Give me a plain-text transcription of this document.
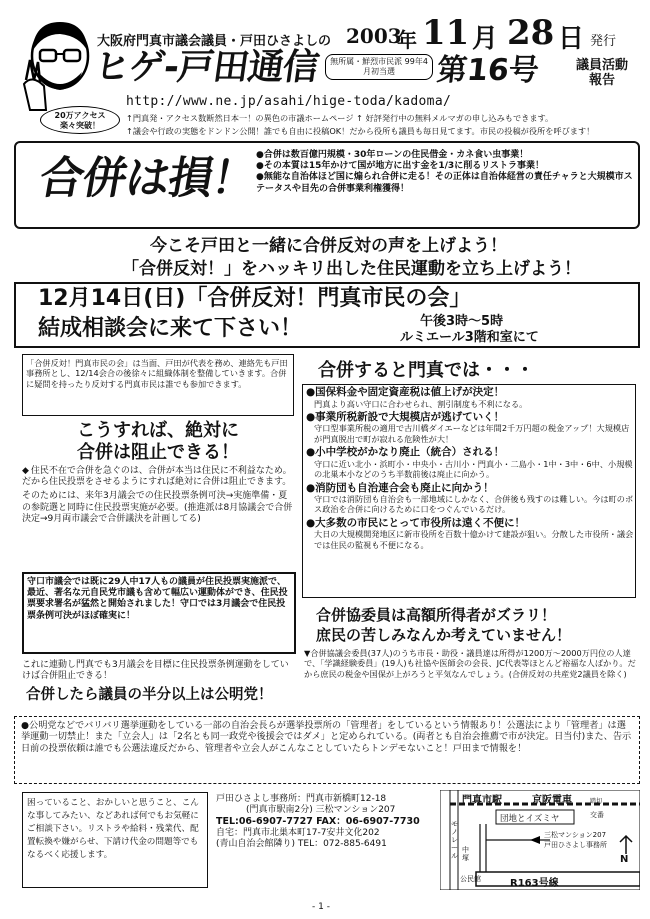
大阪府門真市議会議員・戸田ひさよしの
ヒゲ-戸田通信	無所属・鮮烈市民派 99年4月初当選
2003
年 11 月 28 日 発行
第16号	議員活動報告
http://www.ne.jp/asahi/hige-toda/kadoma/
20万アクセス楽々突破！
↑門真発・アクセス数断然日本一！の異色の市議ホームページ ↑ 好評発行中の無料メルマガの申し込みもできます。
↑議会や行政の実態をドンドン公開！誰でも自由に投稿OK！だから役所も議員も毎日見てます。市民の投稿が役所を呼びます！
合併は損！
●合併は数百億円規模・30年ローンの住民借金・カネ食い虫事業！
●その本質は15年かけて国が地方に出す金を1/3に削るリストラ事業！
●無能な自治体ほど国に煽られ合併に走る！その正体は自治体経営の責任チャラと大規模市ステータスや目先の合併事業利権獲得！
今こそ戸田と一緒に合併反対の声を上げよう！
「合併反対！」をハッキリ出した住民運動を立ち上げよう！
12月14日(日)「合併反対！門真市民の会」
結成相談会に来て下さい！	午後3時〜5時
ルミエール3階和室にて
「合併反対！門真市民の会」は当面、戸田が代表を務め、連絡先も戸田事務所とし、12/14会合の後徐々に組織体制を整備していきます。合併に疑問を持ったり反対する門真市民は誰でも参加できます。
こうすれば、絶対に
合併は阻止できる！
◆ 住民不在で合併を急ぐのは、合併が本当は住民に不利益なため。だから住民投票をさせるようにすれば絶対に合併は阻止できます。
そのためには、来年3月議会での住民投票条例可決→実施準備・夏の参院選と同時に住民投票実施が必要。(推進派は8月協議会で合併決定→9月両市議会で合併議決を計画してる)
守口市議会では既に29人中17人もの議員が住民投票実施派で、最近、著名な元自民党市議も含めて幅広い運動体ができ、住民投票要求署名が猛然と開始されました！守口では3月議会で住民投票条例可決がほぼ確実に！
これに連動し門真でも3月議会を目標に住民投票条例運動をしていけば合併阻止できる！
合併したら議員の半分以上は公明党！
合併すると門真では・・・
●国保料金や固定資産税は値上げが決定！
門真より高い守口に合わせられ、割引制度も不利になる。
●事業所税新設で大規模店が逃げていく！
守口型事業所税の適用で古川橋ダイエーなどは年間2千万円超の税金アップ！大規模店が門真脱出で町が寂れる危険性が大！
●小中学校がかなり廃止（統合）される！
守口に近い北小・浜町小・中央小・古川小・門真小・二島小・1中・3中・6中、小規模の北巣本小などのうち半数前後は廃止に向かう。
●消防団も自治連合会も廃止に向かう！
守口では消防団も自治会も一部地域にしかなく、合併後も残すのは難しい。今は町のボス政治を合併に向けるために口をつぐんでいるだけ。
●大多数の市民にとって市役所は遠く不便に！
大日の大規模開発地区に新市役所を百数十億かけて建設が狙い。分散した市役所・議会では住民の監視も不便になる。
合併協委員は高額所得者がズラリ！
庶民の苦しみなんか考えていません！
▼合併協議会委員(37人)のうち市長・助役・議員達は所得が1200万〜2000万円位の人達で、「学識経験委員」(19人)も社協や医師会の会長、JC代表等ほとんど裕福な人ばかり。だから庶民の税金や国保が上がろうと平気なんでしょう。(合併反対の共産党2議員を除く)
●公明党などでバリバリ選挙運動をしている一部の自治会長らが選挙投票所の「管理者」をしているという情報あり！公選法により「管理者」は選挙運動一切禁止！また「立会人」は「2名とも同一政党や後援会ではダメ」と定められている。(両者とも自治会推薦で市が決定。日当付)また、告示日前の投票依頼は誰でも公選法違反だから、管理者や立会人がこんなことしていたらトンデモないこと！戸田まで情報を！
困っていること、おかしいと思うこと、こんな事してみたい、などあれば何でもお気軽にご相談下さい。リストラや給料・残業代、配置転換や嫌がらせ、下請け代金の問題等でもなるべく応援します。
戸田ひさよし事務所：門真市新橋町12-18
(門真市駅南2分) 三松マンション207
TEL:06-6907-7727 FAX：06-6907-7730
自宅：門真市北巣本町17-7安井文化202
(青山自治会館隣り) TEL：072-885-6491
門真市駅	京阪電車
団地とイズミヤ	交番
三松マンション207
戸田ひさよし事務所
モノレール
中塚
公民館	R163号線
N
踏切
- 1 -
